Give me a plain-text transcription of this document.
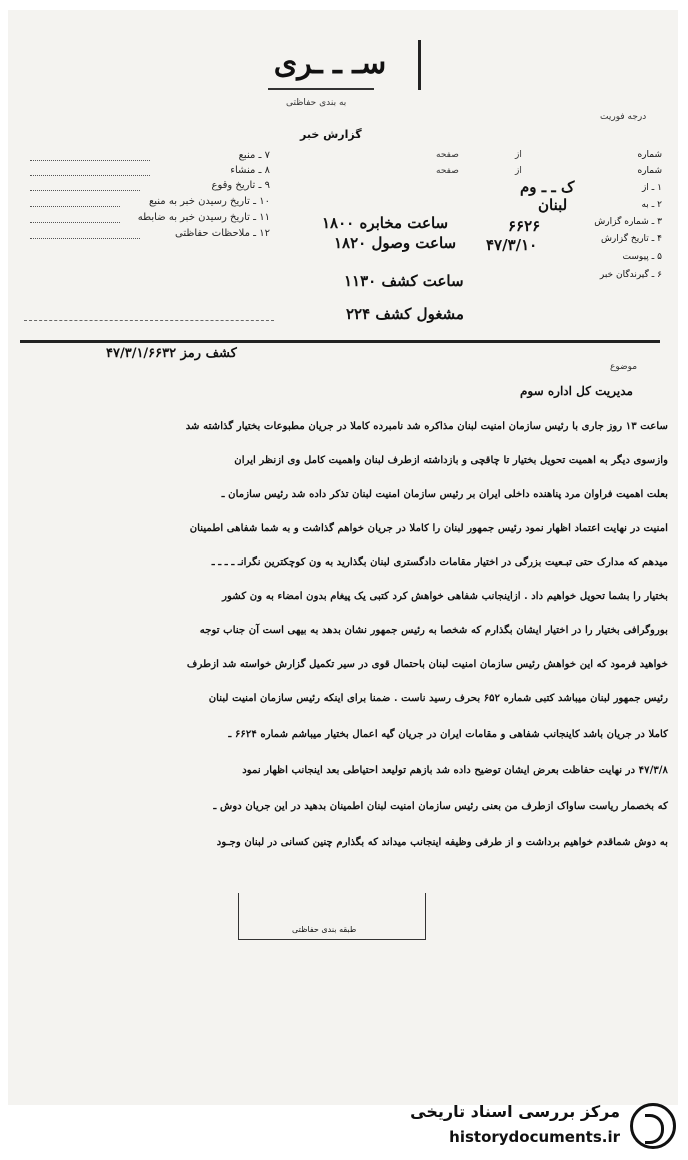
سـ ـ ـرى
به بندی حفاظتی
درجه فوریت
گزارش خبر
۷ ـ منبع
۸ ـ منشاء
۹ ـ تاریخ وقوع
۱۰ ـ تاریخ رسیدن خبر به منبع
۱۱ ـ تاریخ رسیدن خبر به ضابطه
۱۲ ـ ملاحظات حفاظتی
شماره
شماره
۱ ـ از
۲ ـ به
۳ ـ شماره گزارش
۴ ـ تاریخ گزارش
۵ ـ پیوست
۶ ـ گیرندگان خبر
از
از
صفحه
صفحه
ک ـ ـ وم
لبنان
۶۶۲۶
۴۷/۳/۱۰
ساعت مخابره ۱۸۰۰
ساعت وصول ۱۸۲۰
ساعت کشف ۱۱۳۰
مشغول کشف ۲۲۴
کشف رمز ۴۷/۳/۱/۶۶۳۲
موضوع
مدیریت کل اداره سوم
ساعت ۱۳ روز جاری با رئیس سازمان امنیت لبنان مذاکره شد نامبرده کاملا در جریان مطبوعات بختیار گذاشته شد
وازسوی دیگر به اهمیت تحویل بختیار تا چاقچی و بازداشته ازطرف لبنان واهمیت کامل وی ازنظر ایران
بعلت اهمیت فراوان مرد پناهنده داخلی ایران بر رئیس سازمان امنیت لبنان تذکر داده شد رئیس سازمان ـ
امنیت در نهایت اعتماد اظهار نمود رئیس جمهور لبنان را کاملا در جریان خواهم گذاشت و به شما شفاهی اطمینان
میدهم که مدارک حتی تبـعیت بزرگی در اختیار مقامات دادگستری لبنان بگذارید به ون کوچکترین نگرانـ ـ ـ ـ ـ
بختیار را بشما تحویل خواهیم داد . ازاینجانب شفاهی خواهش کرد کتبی یک پیغام بدون امضاء به ون کشور
بوروگرافی بختیار را در اختیار ایشان بگذارم که شخصا به رئیس جمهور نشان بدهد به بیهی است آن جناب توجه
خواهید فرمود که این خواهش رئیس سازمان امنیت لبنان باحتمال قوی در سیر تکمیل گزارش خواسته شد ازطرف
رئیس جمهور لبنان میباشد کتبی شماره ۶۵۲ بحرف رسید ناست . ضمنا برای اینکه رئیس سازمان امنیت لبنان
کاملا در جریان باشد کاینجانب شفاهی و مقامات ایران در جریان گیه اعمال بختیار میباشم شماره ۶۶۲۴ ـ
۴۷/۳/۸ در نهایت حفاظت بعرض ایشان توضیح داده شد بازهم تولیعد احتیاطی بعد اینجانب اظهار نمود
که بخصمار ریاست ساواک ازطرف من بعنی رئیس سازمان امنیت لبنان اطمینان بدهید در این جریان دوش ـ
به دوش شماقدم خواهیم برداشت و از طرفی وظیفه اینجانب میداند که بگذارم چنین کسانی در لبنان وجـود
طبقه بندی حفاظتی
مرکز بررسی اسناد تاریخی
historydocuments.ir
